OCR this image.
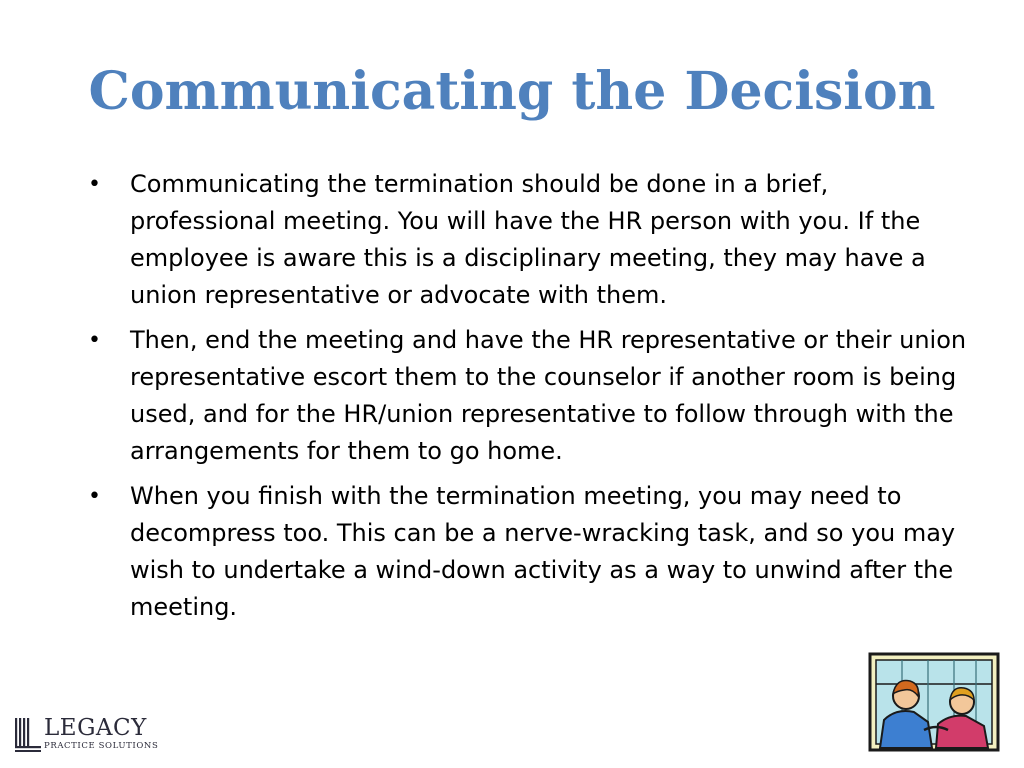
Communicating the Decision
• Communicating the termination should be done in a brief, professional meeting. You will have the HR person with you. If the employee is aware this is a disciplinary meeting, they may have a union representative or advocate with them.
• Then, end the meeting and have the HR representative or their union representative escort them to the counselor if another room is being used, and for the HR/union representative to follow through with the arrangements for them to go home.
• When you finish with the termination meeting, you may need to decompress too. This can be a nerve-wracking task, and so you may wish to undertake a wind-down activity as a way to unwind after the meeting.
LEGACY
PRACTICE SOLUTIONS
